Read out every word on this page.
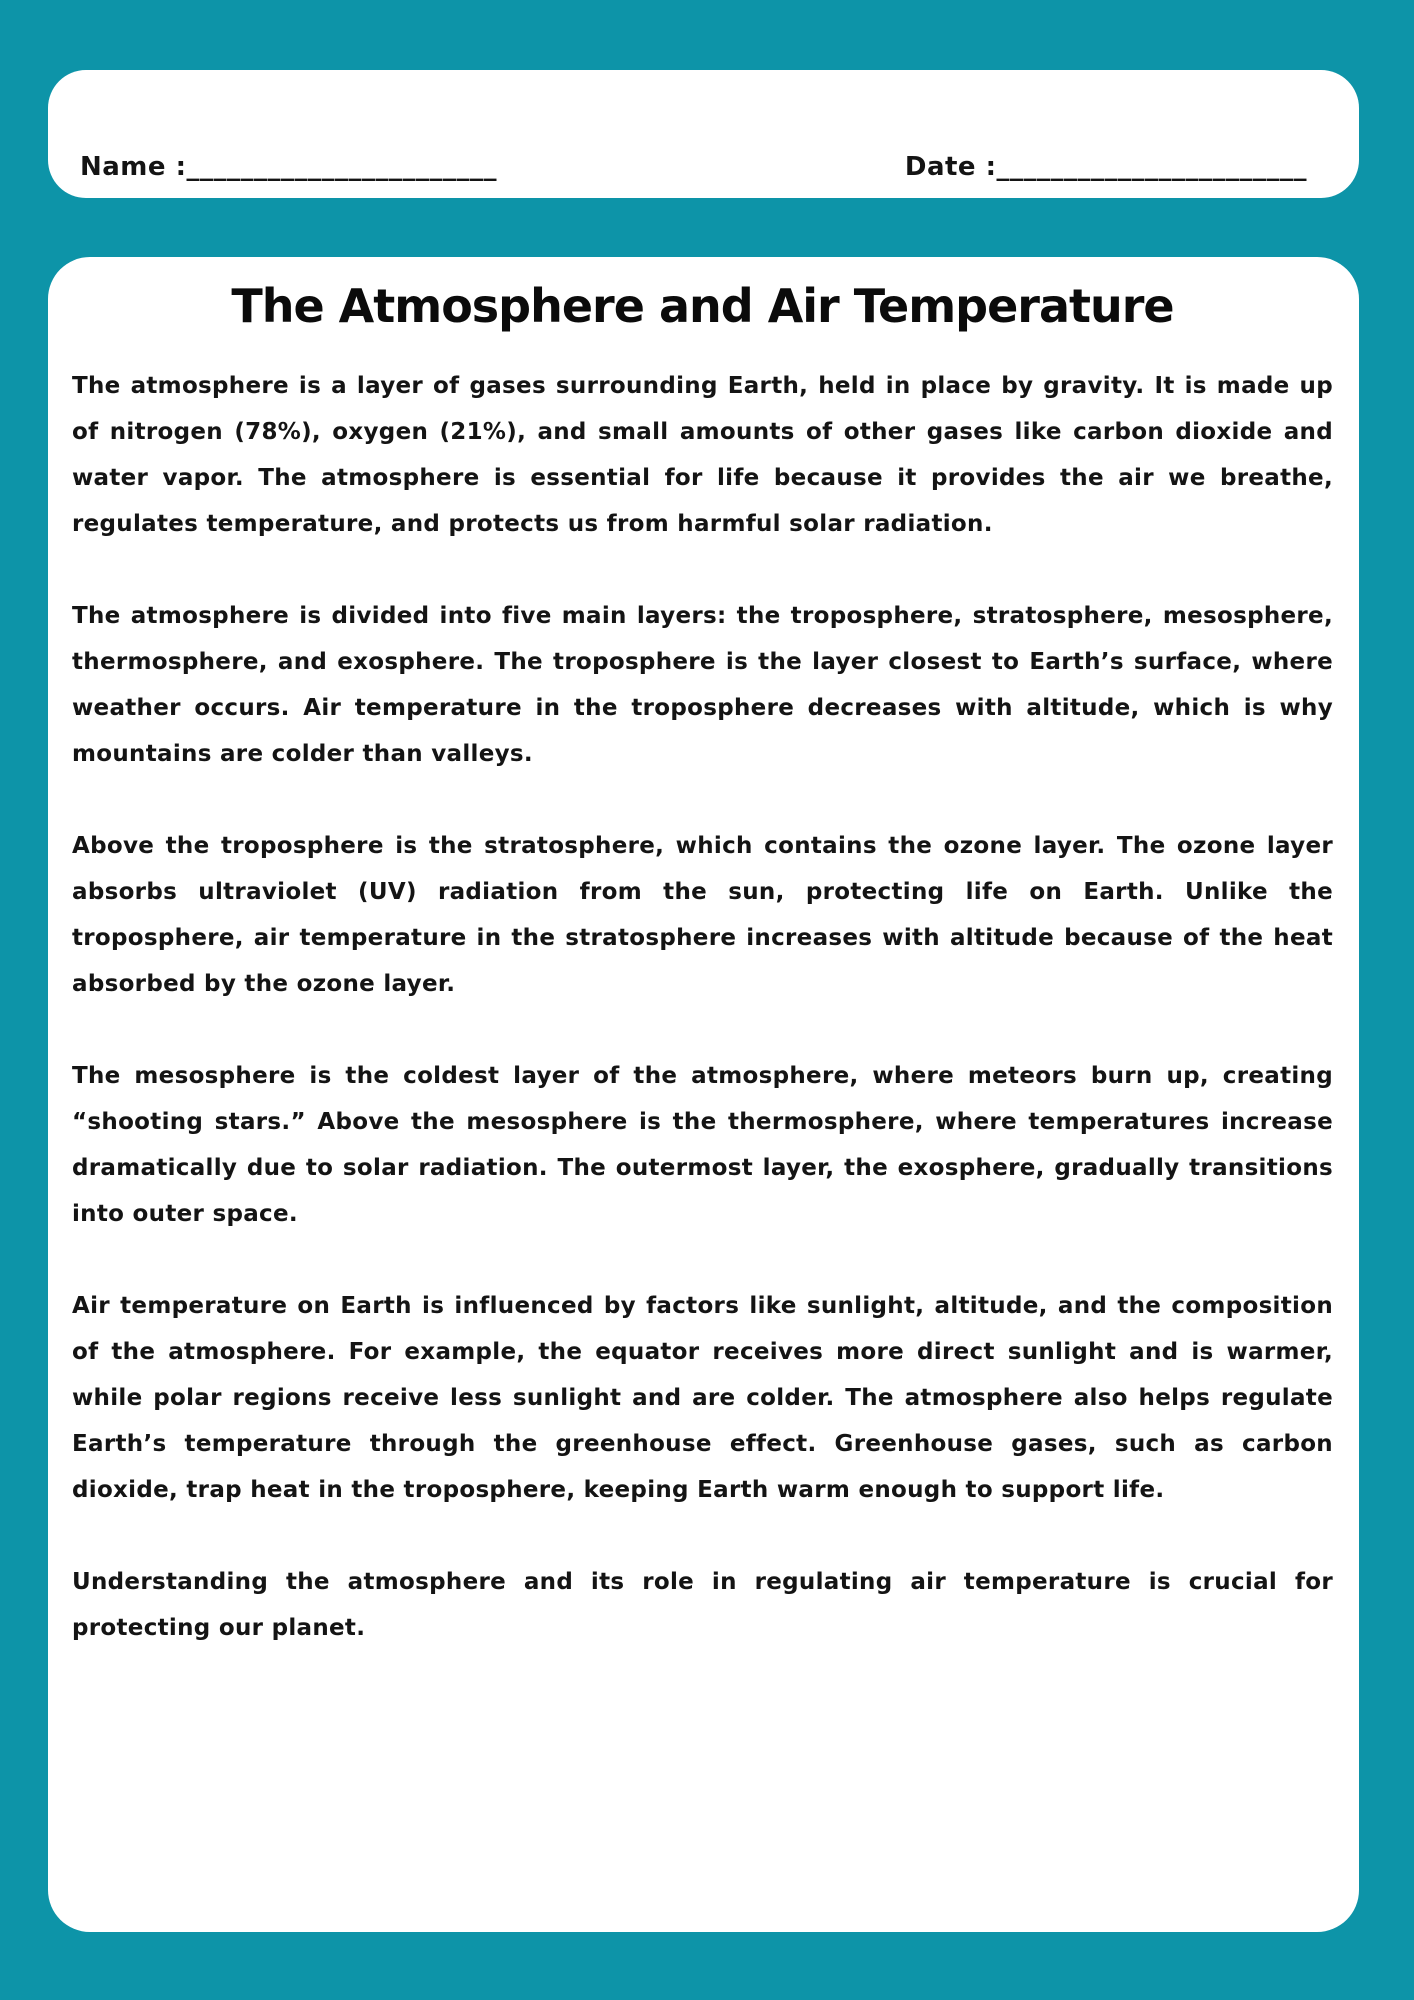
Name :_______________________	Date :_______________________
The Atmosphere and Air Temperature

The atmosphere is a layer of gases surrounding Earth, held in place by gravity. It is made up of nitrogen (78%), oxygen (21%), and small amounts of other gases like carbon dioxide and water vapor. The atmosphere is essential for life because it provides the air we breathe, regulates temperature, and protects us from harmful solar radiation.

The atmosphere is divided into five main layers: the troposphere, stratosphere, mesosphere, thermosphere, and exosphere. The troposphere is the layer closest to Earth’s surface, where weather occurs. Air temperature in the troposphere decreases with altitude, which is why mountains are colder than valleys.

Above the troposphere is the stratosphere, which contains the ozone layer. The ozone layer absorbs ultraviolet (UV) radiation from the sun, protecting life on Earth. Unlike the troposphere, air temperature in the stratosphere increases with altitude because of the heat absorbed by the ozone layer.

The mesosphere is the coldest layer of the atmosphere, where meteors burn up, creating “shooting stars.” Above the mesosphere is the thermosphere, where temperatures increase dramatically due to solar radiation. The outermost layer, the exosphere, gradually transitions into outer space.

Air temperature on Earth is influenced by factors like sunlight, altitude, and the composition of the atmosphere. For example, the equator receives more direct sunlight and is warmer, while polar regions receive less sunlight and are colder. The atmosphere also helps regulate Earth’s temperature through the greenhouse effect. Greenhouse gases, such as carbon dioxide, trap heat in the troposphere, keeping Earth warm enough to support life.

Understanding the atmosphere and its role in regulating air temperature is crucial for protecting our planet.
